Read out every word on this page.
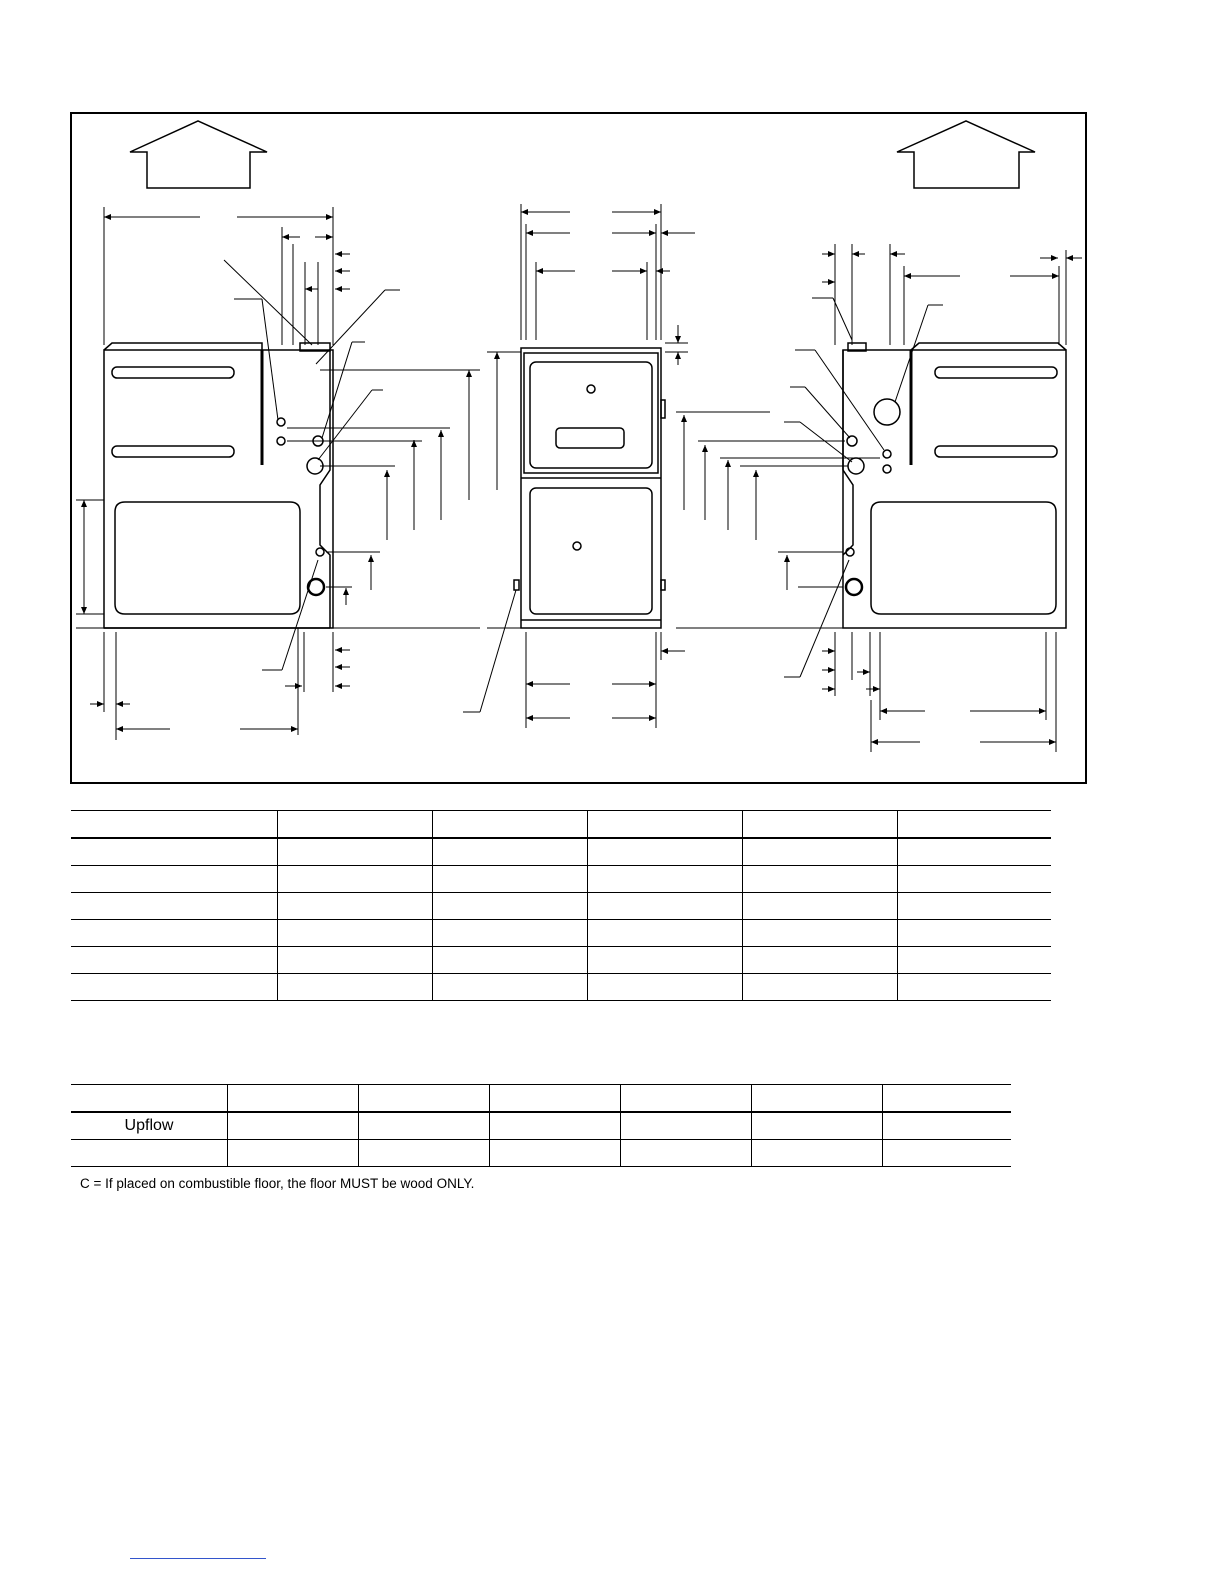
Upflow						

C = If placed on combustible floor, the floor MUST be wood ONLY.
